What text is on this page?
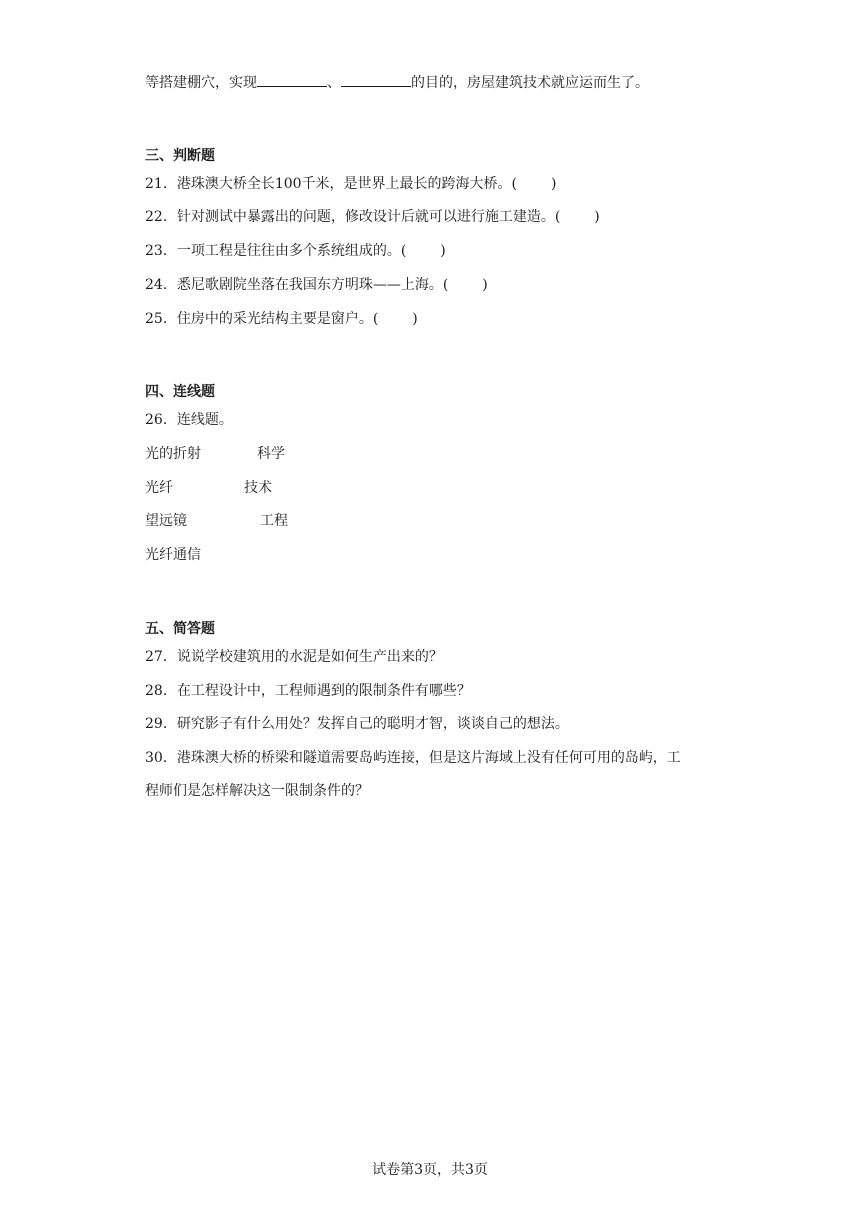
等搭建棚穴，实现	、	的目的，房屋建筑技术就应运而生了。
三、判断题
21．港珠澳大桥全长100千米，是世界上最长的跨海大桥。( )
22．针对测试中暴露出的问题，修改设计后就可以进行施工建造。( )
23．一项工程是往往由多个系统组成的。( )
24．悉尼歌剧院坐落在我国东方明珠——上海。( )
25．住房中的采光结构主要是窗户。( )
四、连线题
26．连线题。
光的折射	科学
光纤	技术
望远镜	工程
光纤通信
五、简答题
27．说说学校建筑用的水泥是如何生产出来的？
28．在工程设计中，工程师遇到的限制条件有哪些？
29．研究影子有什么用处？发挥自己的聪明才智，谈谈自己的想法。
30．港珠澳大桥的桥梁和隧道需要岛屿连接，但是这片海域上没有任何可用的岛屿，工
程师们是怎样解决这一限制条件的？
试卷第3页，共3页
